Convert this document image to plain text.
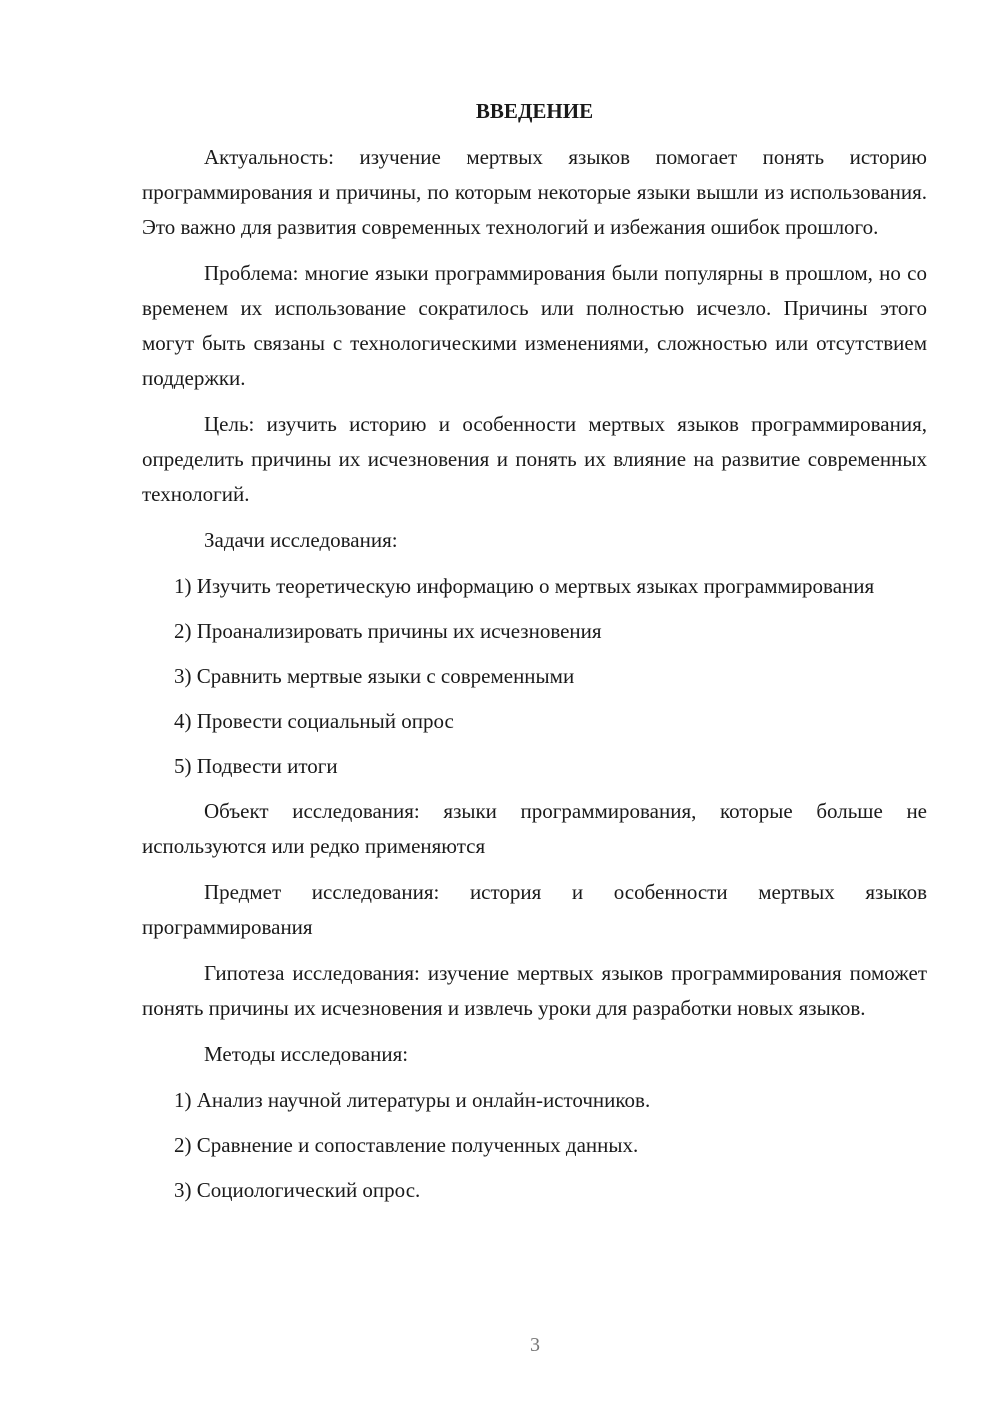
ВВЕДЕНИЕ

Актуальность: изучение мертвых языков помогает понять историю программирования и причины, по которым некоторые языки вышли из использования. Это важно для развития современных технологий и избежания ошибок прошлого.

Проблема: многие языки программирования были популярны в прошлом, но со временем их использование сократилось или полностью исчезло. Причины этого могут быть связаны с технологическими изменениями, сложностью или отсутствием поддержки.

Цель: изучить историю и особенности мертвых языков программирования, определить причины их исчезновения и понять их влияние на развитие современных технологий.

Задачи исследования:

1) Изучить теоретическую информацию о мертвых языках программирования
2) Проанализировать причины их исчезновения
3) Сравнить мертвые языки с современными
4) Провести социальный опрос
5) Подвести итоги

Объект исследования: языки программирования, которые больше не используются или редко применяются

Предмет исследования: история и особенности мертвых языков программирования

Гипотеза исследования: изучение мертвых языков программирования поможет понять причины их исчезновения и извлечь уроки для разработки новых языков.

Методы исследования:

1) Анализ научной литературы и онлайн-источников.
2) Сравнение и сопоставление полученных данных.
3) Социологический опрос.
3
